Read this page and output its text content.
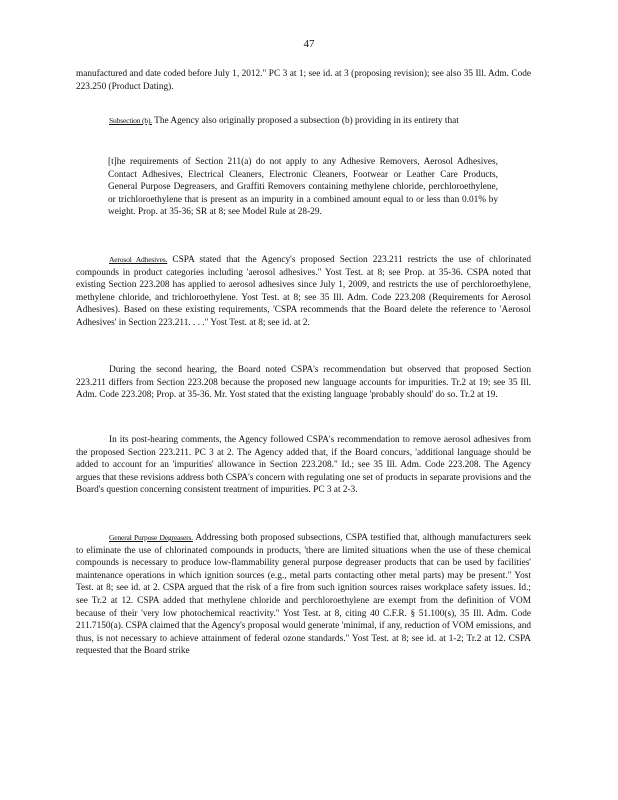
47

manufactured and date coded before July 1, 2012." PC 3 at 1; see id. at 3 (proposing revision); see also 35 Ill. Adm. Code 223.250 (Product Dating).

Subsection (b). The Agency also originally proposed a subsection (b) providing in its entirety that

[t]he requirements of Section 211(a) do not apply to any Adhesive Removers, Aerosol Adhesives, Contact Adhesives, Electrical Cleaners, Electronic Cleaners, Footwear or Leather Care Products, General Purpose Degreasers, and Graffiti Removers containing methylene chloride, perchloroethylene, or trichloroethylene that is present as an impurity in a combined amount equal to or less than 0.01% by weight. Prop. at 35-36; SR at 8; see Model Rule at 28-29.

Aerosol Adhesives. CSPA stated that the Agency's proposed Section 223.211 restricts the use of chlorinated compounds in product categories including 'aerosol adhesives." Yost Test. at 8; see Prop. at 35-36. CSPA noted that existing Section 223.208 has applied to aerosol adhesives since July 1, 2009, and restricts the use of perchloroethylene, methylene chloride, and trichloroethylene. Yost Test. at 8; see 35 Ill. Adm. Code 223.208 (Requirements for Aerosol Adhesives). Based on these existing requirements, 'CSPA recommends that the Board delete the reference to 'Aerosol Adhesives' in Section 223.211. . . ." Yost Test. at 8; see id. at 2.

During the second hearing, the Board noted CSPA's recommendation but observed that proposed Section 223.211 differs from Section 223.208 because the proposed new language accounts for impurities. Tr.2 at 19; see 35 Ill. Adm. Code 223.208; Prop. at 35-36. Mr. Yost stated that the existing language 'probably should' do so. Tr.2 at 19.

In its post-hearing comments, the Agency followed CSPA's recommendation to remove aerosol adhesives from the proposed Section 223.211. PC 3 at 2. The Agency added that, if the Board concurs, 'additional language should be added to account for an 'impurities' allowance in Section 223.208." Id.; see 35 Ill. Adm. Code 223.208. The Agency argues that these revisions address both CSPA's concern with regulating one set of products in separate provisions and the Board's question concerning consistent treatment of impurities. PC 3 at 2-3.

General Purpose Degreasers. Addressing both proposed subsections, CSPA testified that, although manufacturers seek to eliminate the use of chlorinated compounds in products, 'there are limited situations when the use of these chemical compounds is necessary to produce low-flammability general purpose degreaser products that can be used by facilities' maintenance operations in which ignition sources (e.g., metal parts contacting other metal parts) may be present." Yost Test. at 8; see id. at 2. CSPA argued that the risk of a fire from such ignition sources raises workplace safety issues. Id.; see Tr.2 at 12. CSPA added that methylene chloride and perchloroethylene are exempt from the definition of VOM because of their 'very low photochemical reactivity." Yost Test. at 8, citing 40 C.F.R. § 51.100(s), 35 Ill. Adm. Code 211.7150(a). CSPA claimed that the Agency's proposal would generate 'minimal, if any, reduction of VOM emissions, and thus, is not necessary to achieve attainment of federal ozone standards." Yost Test. at 8; see id. at 1-2; Tr.2 at 12. CSPA requested that the Board strike
